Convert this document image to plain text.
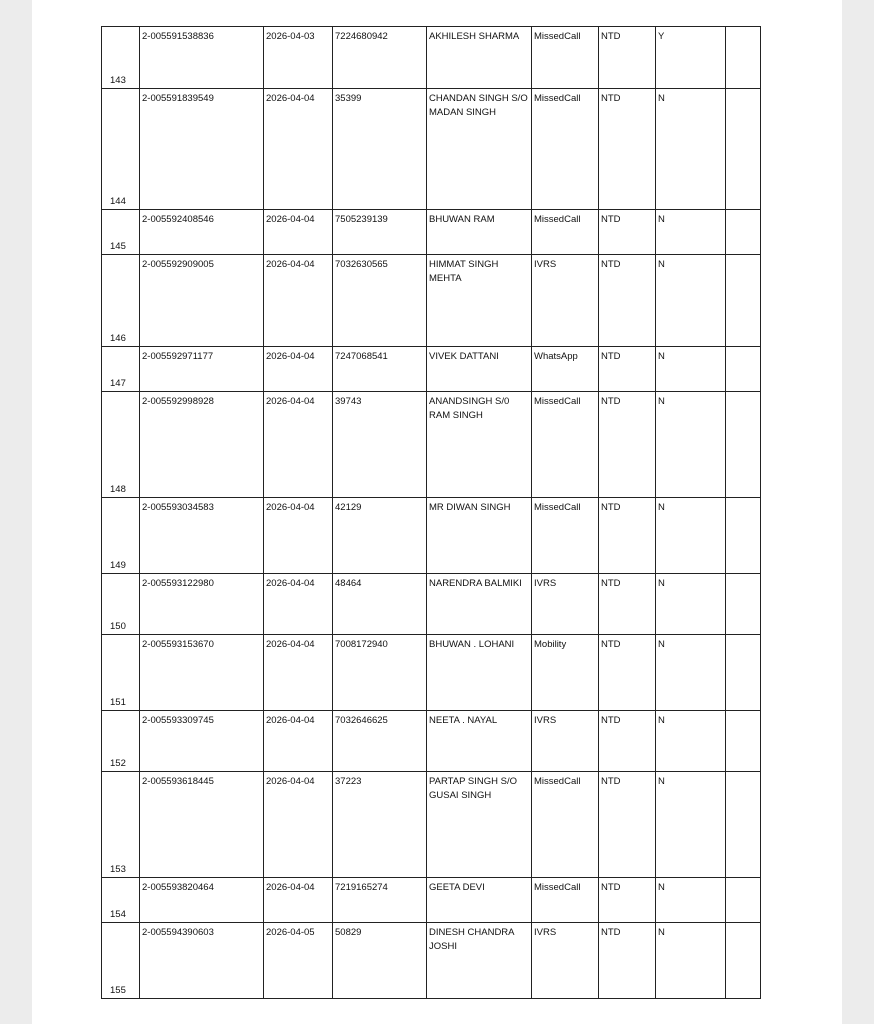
143	2-005591538836	2026-04-03	7224680942	AKHILESH SHARMA	MissedCall	NTD	Y	

144	2-005591839549	2026-04-04	35399	CHANDAN SINGH S/O MADAN SINGH	MissedCall	NTD	N	

145	2-005592408546	2026-04-04	7505239139	BHUWAN RAM	MissedCall	NTD	N	

146	2-005592909005	2026-04-04	7032630565	HIMMAT SINGH MEHTA	IVRS	NTD	N	

147	2-005592971177	2026-04-04	7247068541	VIVEK DATTANI	WhatsApp	NTD	N	

148	2-005592998928	2026-04-04	39743	ANANDSINGH S/0 RAM SINGH	MissedCall	NTD	N	

149	2-005593034583	2026-04-04	42129	MR DIWAN SINGH	MissedCall	NTD	N	

150	2-005593122980	2026-04-04	48464	NARENDRA BALMIKI	IVRS	NTD	N	

151	2-005593153670	2026-04-04	7008172940	BHUWAN . LOHANI	Mobility	NTD	N	

152	2-005593309745	2026-04-04	7032646625	NEETA . NAYAL	IVRS	NTD	N	

153	2-005593618445	2026-04-04	37223	PARTAP SINGH S/O GUSAI SINGH	MissedCall	NTD	N	

154	2-005593820464	2026-04-04	7219165274	GEETA DEVI	MissedCall	NTD	N	

155	2-005594390603	2026-04-05	50829	DINESH CHANDRA JOSHI	IVRS	NTD	N	
